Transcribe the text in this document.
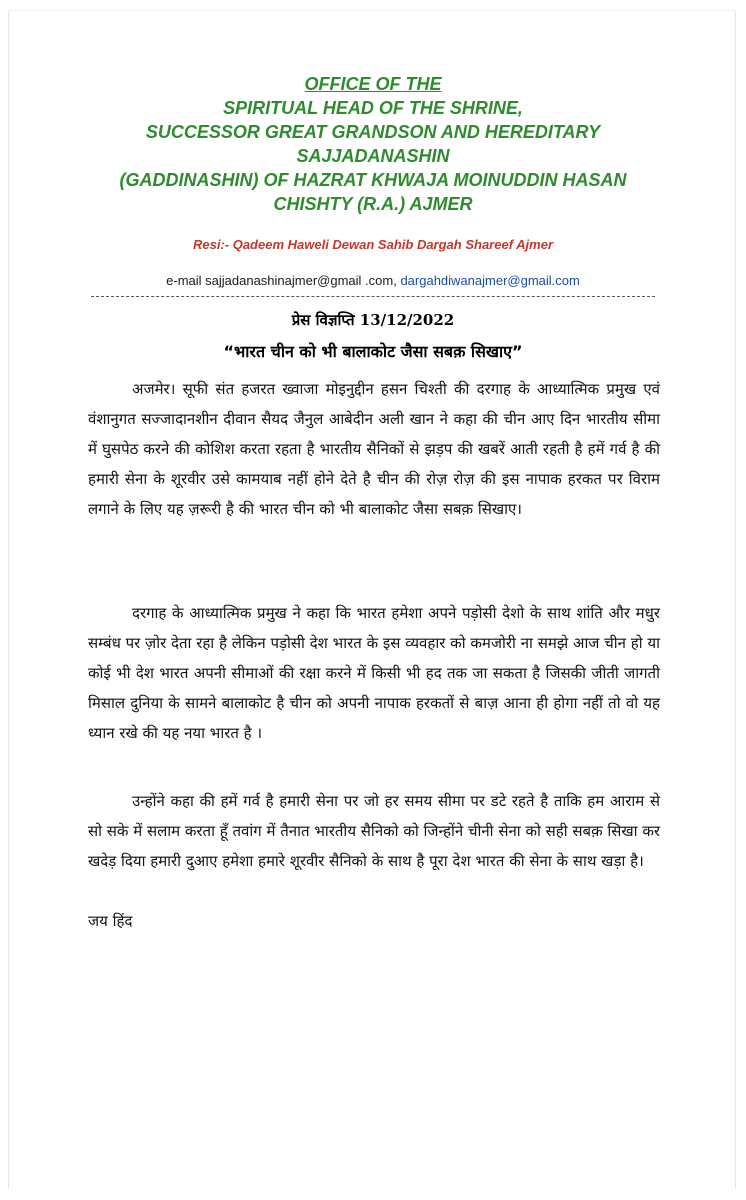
OFFICE OF THE
SPIRITUAL HEAD OF THE SHRINE,
SUCCESSOR GREAT GRANDSON AND HEREDITARY
SAJJADANASHIN
(GADDINASHIN) OF HAZRAT KHWAJA MOINUDDIN HASAN
CHISHTY (R.A.) AJMER
Resi:- Qadeem Haweli Dewan Sahib Dargah Shareef Ajmer
e-mail sajjadanashinajmer@gmail .com, dargahdiwanajmer@gmail.com
प्रेस विज्ञप्ति 13/12/2022
“भारत चीन को भी बालाकोट जैसा सबक़ सिखाए”

अजमेर। सूफी संत हजरत ख्वाजा मोइनुद्दीन हसन चिश्ती की दरगाह के आध्यात्मिक प्रमुख एवं वंशानुगत सज्जादानशीन दीवान सैयद जैनुल आबेदीन अली खान ने कहा की चीन आए दिन भारतीय सीमा में घुसपेठ करने की कोशिश करता रहता है भारतीय सैनिकों से झड़प की खबरें आती रहती है हमें गर्व है की हमारी सेना के शूरवीर उसे कामयाब नहीं होने देते है चीन की रोज़ रोज़ की इस नापाक हरकत पर विराम लगाने के लिए यह ज़रूरी है की भारत चीन को भी बालाकोट जैसा सबक़ सिखाए।

दरगाह के आध्यात्मिक प्रमुख ने कहा कि भारत हमेशा अपने पड़ोसी देशो के साथ शांति और मधुर सम्बंध पर ज़ोर देता रहा है लेकिन पड़ोसी देश भारत के इस व्यवहार को कमजोरी ना समझे आज चीन हो या कोई भी देश भारत अपनी सीमाओं की रक्षा करने में किसी भी हद तक जा सकता है जिसकी जीती जागती मिसाल दुनिया के सामने बालाकोट है चीन को अपनी नापाक हरकतों से बाज़ आना ही होगा नहीं तो वो यह ध्यान रखे की यह नया भारत है ।

उन्होंने कहा की हमें गर्व है हमारी सेना पर जो हर समय सीमा पर डटे रहते है ताकि हम आराम से सो सके में सलाम करता हूँ तवांग में तैनात भारतीय सैनिको को जिन्होंने चीनी सेना को सही सबक़ सिखा कर खदेड़ दिया हमारी दुआए हमेशा हमारे शूरवीर सैनिको के साथ है पूरा देश भारत की सेना के साथ खड़ा है।

जय हिंद
